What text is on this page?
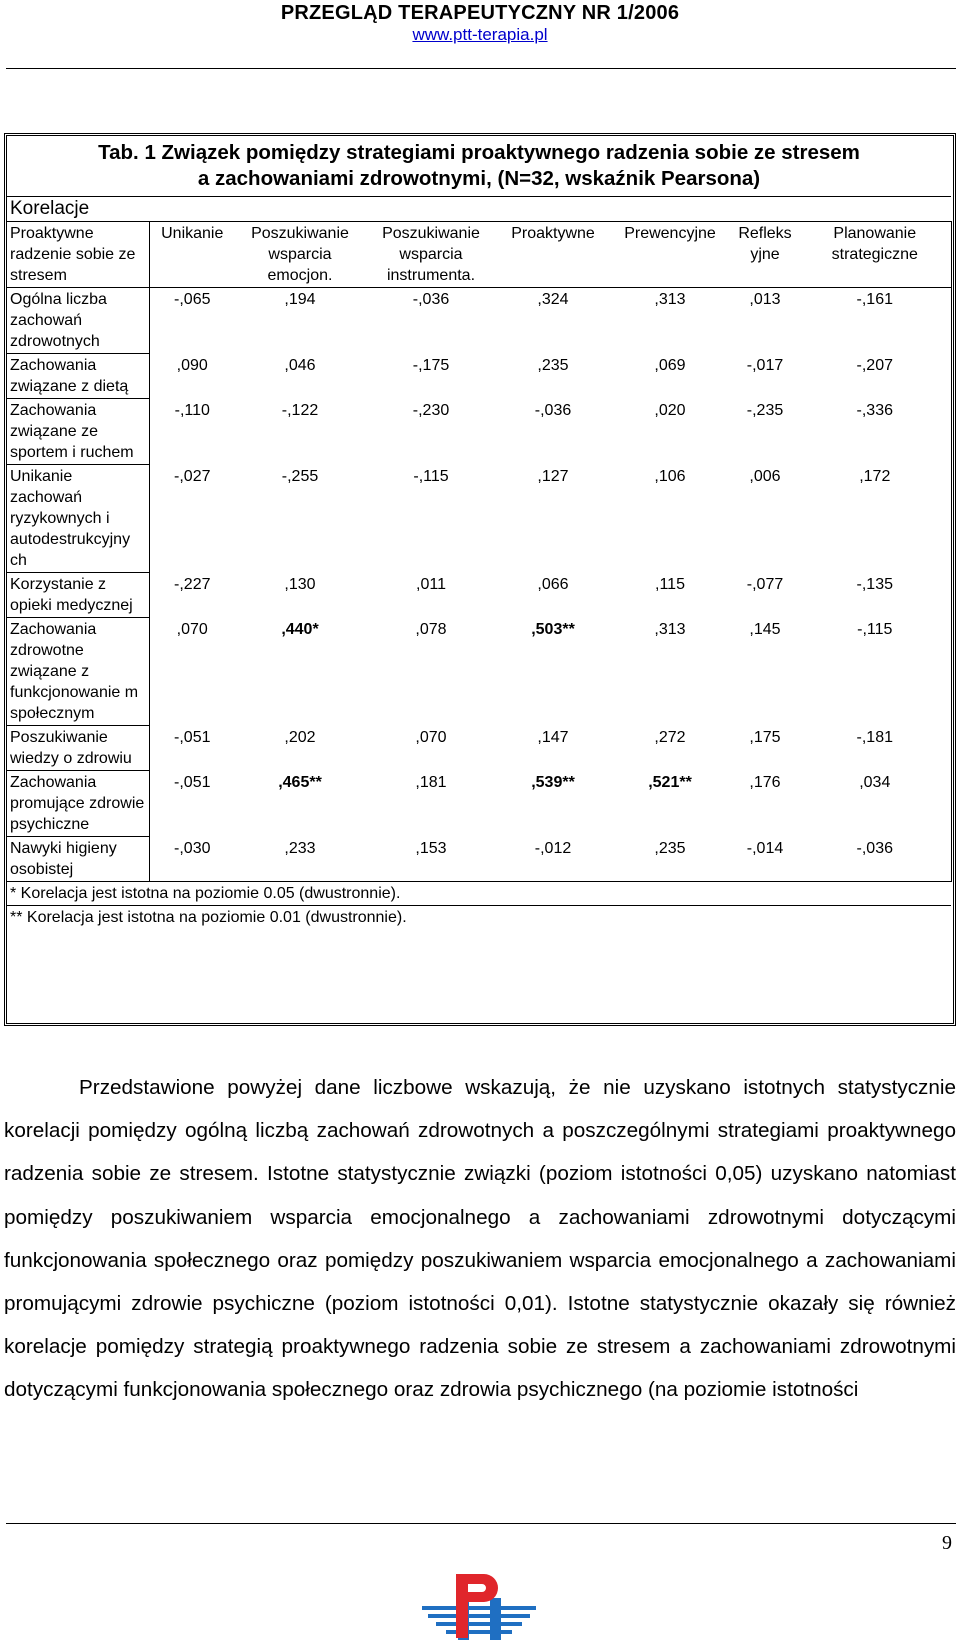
PRZEGLĄD TERAPEUTYCZNY NR 1/2006
www.ptt-terapia.pl
Tab. 1 Związek pomiędzy strategiami proaktywnego radzenia sobie ze stresem
a zachowaniami zdrowotnymi, (N=32, wskaźnik Pearsona)							
Korelacje							
Proaktywne radzenie sobie ze stresem	Unikanie	Poszukiwanie wsparcia emocjon.	Poszukiwanie wsparcia instrumenta.	Proaktywne	Prewencyjne	Refleks yjne	Planowanie strategiczne
Ogólna liczba zachowań zdrowotnych	-,065	,194	-,036	,324	,313	,013	-,161
Zachowania związane z dietą	,090	,046	-,175	,235	,069	-,017	-,207
Zachowania związane ze sportem i ruchem	-,110	-,122	-,230	-,036	,020	-,235	-,336
Unikanie zachowań ryzykownych i autodestrukcyjny ch	-,027	-,255	-,115	,127	,106	,006	,172
Korzystanie z opieki medycznej	-,227	,130	,011	,066	,115	-,077	-,135
Zachowania zdrowotne związane z funkcjonowanie m społecznym	,070	,440*	,078	,503**	,313	,145	-,115
Poszukiwanie wiedzy o zdrowiu	-,051	,202	,070	,147	,272	,175	-,181
Zachowania promujące zdrowie psychiczne	-,051	,465**	,181	,539**	,521**	,176	,034
Nawyki higieny osobistej	-,030	,233	,153	-,012	,235	-,014	-,036
* Korelacja jest istotna na poziomie 0.05 (dwustronnie).							
** Korelacja jest istotna na poziomie 0.01 (dwustronnie).							

Przedstawione powyżej dane liczbowe wskazują, że nie uzyskano istotnych statystycznie korelacji pomiędzy ogólną liczbą zachowań zdrowotnych a poszczególnymi strategiami proaktywnego radzenia sobie ze stresem. Istotne statystycznie związki (poziom istotności 0,05) uzyskano natomiast pomiędzy poszukiwaniem wsparcia emocjonalnego a zachowaniami zdrowotnymi dotyczącymi funkcjonowania społecznego oraz pomiędzy poszukiwaniem wsparcia emocjonalnego a zachowaniami promującymi zdrowie psychiczne (poziom istotności 0,01). Istotne statystycznie okazały się również korelacje pomiędzy strategią proaktywnego radzenia sobie ze stresem a zachowaniami zdrowotnymi dotyczącymi funkcjonowania społecznego oraz zdrowia psychicznego (na poziomie istotności

9
